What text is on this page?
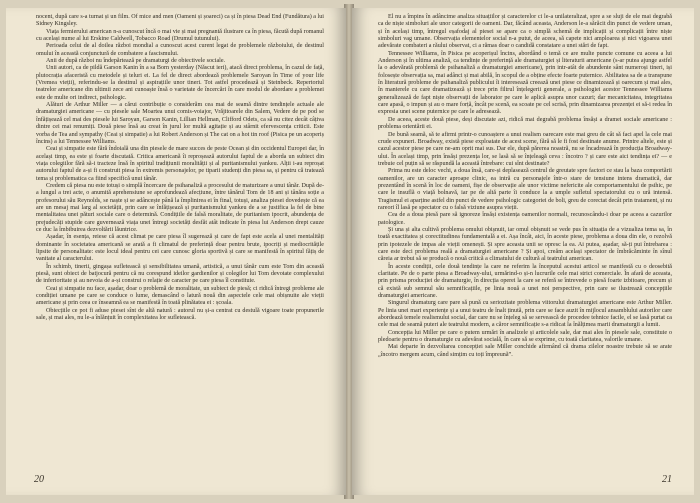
nocent, după care s-a turnat și un film. Of mice and men (Oameni și șoareci) ca și în piesa Dead End (Fundătura) a lui Sidney Kingsley.

Viața fermierului american n-a cunoscut încă o mai vie și mai pregnantă ilustrare ca în piesa, făcută după romanul cu același nume al lui Erskine Caldwell, Tobacco Road (Drumul tutunului).

Perioada celui de al doilea război mondial a cunoscut acest curent legat de problemele războiului, de destinul omului în această conjunctură de combatere a fascismului.

Anii de după război nu îndepărtează pe dramaturgi de obiectivele sociale.

Unii autori, ca de pildă Garson Kanin în a sa Born yesterday (Născut ieri), atacă direct problema, în cazul de față, plutocrația afaceristă cu metodele și teluri ei. La fel de direct abordează problemele Saroyan în Time of your life (Vremea vieții), referindu-se la destinul și aspirațiile unor tineri. Tot astfel procedează și Steinbeck. Repertoriul teatrelor americane din ultimii zece ani cunoaște însă o varietate de încercări în care modul de abordare a problemei este de multe ori indirect, psihologic.

Alături de Arthur Miller — a cărui contribuție o considerăm cea mai de seamă dintre tendințele actuale ale dramaturgiei americane — cu piesele sale Moartea unui comis-voiajor, Vrăjitoarele din Salem, Vedere de pe pod se înfățișează cel mai des piesele lui Saroyan, Garson Kanin, Lillian Hellman, Clifford Odets, ca să nu citez decât câțiva dintre cei mai renumiți. Două piese însă au creat în jurul lor multă agitație și au stârnit efervescența criticii. Este vorba de Tea and sympathy (Ceai și simpatie) a lui Robert Anderson și The cat on a hot tin roof (Pisica pe un acoperiș încins) a lui Tennessee Williams.

Ceai și simpatie este fără îndoială una din piesele de mare succes de peste Ocean și din occidentul Europei dar, în același timp, ea este și foarte discutată. Critica americană îi reproșează autorului faptul de a aborda un subiect din viața colegiilor fără să-i tracteze însă în spiritul tradițiunii moralității și al puritanismului yankeu. Alții i-au reproșat autorului faptul de a-și fi construit piesa în extremis personajelor, pe tiparii studenți din piesa sa, și pentru că tratează tema și problematica ca fiind specifică unui tânăr.

Credem că piesa nu este totuși o simplă încercare de psihanaliză a procesului de maturizare a unui tânăr. După de-a lungul a trei acte, o anumită aprehensiune se aprofundează afecțiune, între tânărul Tom de 18 ani și tânăra soție a profesorului său Reynolds, se naște și se adâncește până la împlinirea ei în final, totuși, analiza piesei dovedește că ea are un mesaj mai larg al societății, prin care se înfățișează și puritanismului yankeu de a se justifica la fel de bine mentalitatea unei pături sociale care o determină. Condițiile de falsă moralitate, de puritanism ipocrit, abundența de prejudecăți stupide care guvernează viața unei întregi societăți desfăt atât indicate în piesa lui Anderson drept cauze ce duc la îmbibuirea dezvoltării lăuntrice.

Așadar, în esența, reiese că acest climat pe care piesa îl sugerează și care de fapt este acela al unei mentalități dominante în societatea americană se arată a fi climatul de preferință doar pentru brute, ipocriți și mediocritățile lipsite de personalitate: este locul ideal pentru cei care cunosc gloria sportivă și care se manifestă în spiritul fățiș de vanitate al caracterului.

În schimb, tinerii, gingașa sufletească și sensibilitatea umană, artistică, a unui tânăr cum este Tom din această piesă, sunt obiect de batjocură pentru că nu corespund ideilor gardienilor și colegilor lui Tom devotate complexului de inferioritate și au nevoia de a-și construi o relație de caracter pe care piesa îl constituie.

Ceai și simpatie nu face, așadar, doar o problemă de moralitate, un subiect de piesă; ci ridică întregi probleme ale condiției umane pe care se conduce o lume, demascând o latură nouă din aspectele cele mai obișnuite ale vieții americane și prin ceea ce înseamnă ea se manifestă în toată plinătatea ei : școala.

Obiecțiile ce pot fi aduse piesei sînt de altă natură : autorul nu și-a centrat cu destulă vigoare toate propunerile sale, și mai ales, nu le-a înlănțuit în complexitatea lor sufletească.

20

El nu a împins în adâncime analiza situațiilor și caracterelor ci le-a unilateralizat, spre a se sluji de ele mai degrabă ca de niște simboluri ale unor categorii de oameni. Dar, făcând aceasta, Anderson le-a sărăcit din punct de vedere uman, și în același timp, întregul eșafodaj al piesei se apare ca o simplă schemă de implicații și complicații între niște simboluri vag umane. Observația elementelor social n-a putut, de aceea, să capete nici amploarea și nici vigoarea unei adevărate combateri a răului observat, ci a rămas doar o candidă constatare a unei stări de fapt.

Tennessee Williams, în Pisica pe acoperișul încins, abordând o temă ce are multe puncte comune cu aceea a lui Anderson și în ultima analiză, ca tendințe de preferință ale dramaturgiei și literaturii americane (s-ar putea ajunge astfel la o adevărată problemă de psihanaliză a dramaturgiei americane), prin intr-atât de abundente sânt numeroși tineri, iși folosește observația sa, mai adânci și mai abilă, în scopul de a obține efecte foarte puternice. Abilitatea sa de a transpune în literatură probleme de psihanaliză publicului îi interesează creează unei piese ce dinamizează și oarecum și mai ales, în manierele cu care dramatizează și trece prin filtrul înțelegerii generale, a psihologiei acestor Tennessee Williams generalizează de fapt niște observații de laborator pe care le aplică asupra unor cazuri; dar mecanicitatea, integritatea care apasă, o impun și au o mare forță, încât pe scenă, ea scoate pe cel scrisă, prin dinamizarea prezenței ei să-i redea în expresia unei scene puternice pe care le adresează.

De aceea, aceste două piese, deși discutate azi, ridică mai degrabă problema însăși a dramei sociale americane : problema orientării ei.

De bună seamă, să te afirmi printr-o cunoaștere a unui realism oarecare este mai greu de cât să faci apel la cele mai crude expuneri. Broadway, există piese exploatate de acest scene, fără să le fi fost destinate anume. Printre altele, este și cazul acestor piese pe care ne-am oprit mai sus. Dar ele, după părerea noastră, nu se încadrează în producția Broadway-ului. În același timp, prin însăși prezența lor, se lasă să se înțeleagă ceva : încotro ? și care este aici tendința ei? — e trebuie cel puțin să se răspundă la această întrebare: cui sînt destinate?

Prima nu este deloc vechi, a doua însă, care-și deplasează centrul de greutate spre factori ce stau la baza comportării oamenilor, are un caracter aproape clinic, ea intră cu personajele într-o stare de tensiune intens dramatică, dar prezentând în scenă în loc de oameni, fișe de observație ale unor victime nefericite ale comportamentului de psihic, pe care le insuflă o viață bolnavă, iar pe de altă parte îi conduce la a umple sufletul spectatorului cu o ură intensă. Tragismul ei aparține astfel din punct de vedere psihologic categoriei de boli, greu de corectat decât prin tratament, și nu rareori îl lasă pe spectator cu o falsă viziune asupra vieții.

Cea de a doua piesă pare să ignoreze însăși existența oamenilor normali, recunoscându-i doar pe aceea a cazurilor patologice.

Și una și alta cultivă problema omului obișnuit, iar omul obișnuit se vede pus în situația de a vizualiza tema sa, în toată exactitatea și corectitudinea fundamentală a ei. Așa încât, aici, în aceste piese, problema a doua din ele, o rezolvă prin ipotezele de impas ale vieții omenești. Și spre aceasta unii se opresc la ea. Ai putea, așadar, să-ți pui întrebarea : care este deci problema reală a dramaturgiei americane ? Și apoi, creăm același spectator de îmbrăcăminte în sînul căreia ar trebui să se producă o nouă critică a climatului de cultură al teatrului american.

În aceste condiții, cele două tendințe la care ne referim la începutul acestui articol se manifestă cu o deosebită claritate. Pe de o parte piesa a Broadway-ului, urmărind-o și-n lucrurile cele mai strict comerciale. În afară de aceasta, prin prisma producției de dramaturgie, în direcția operei la care se referă se întrevede o piesă foarte izbitoare, precum și că există sub semnul său semnificațiile, pe linia nouă a unei noi perspective, prin care se ilustrează concepțiile dramaturgiei americane.

Singurul dramaturg care pare să pună cu seriozitate problema viitorului dramaturgiei americane este Arthur Miller. Pe linia unei mari experiențe și a unui teatru de înalt ținută, prin care se face auzit în mijlocul ansamblului autorilor care abordează temele realismului social, dar care nu se înțeleg să se servească de procedee tehnice facile, el se lasă purtat ca cele mai de seamă puteri ale teatrului modern, a căror semnificație s-a ridicat la înălțimea marii dramaturgii a lumii.

Concepția lui Miller pe care o putem urmări în analizele și articolele sale, dar mai ales în piesele sale, constituie o pledoarie pentru o dramaturgie cu adevărat socială, în care să se exprime, cu toată claritatea, valorile umane.

Mai departe în dezvoltarea concepției sale Miller conchide afirmând că drama zilelor noastre trebuie să se arate „încotro mergem acum, când simțim cu toți împreună”.

21
